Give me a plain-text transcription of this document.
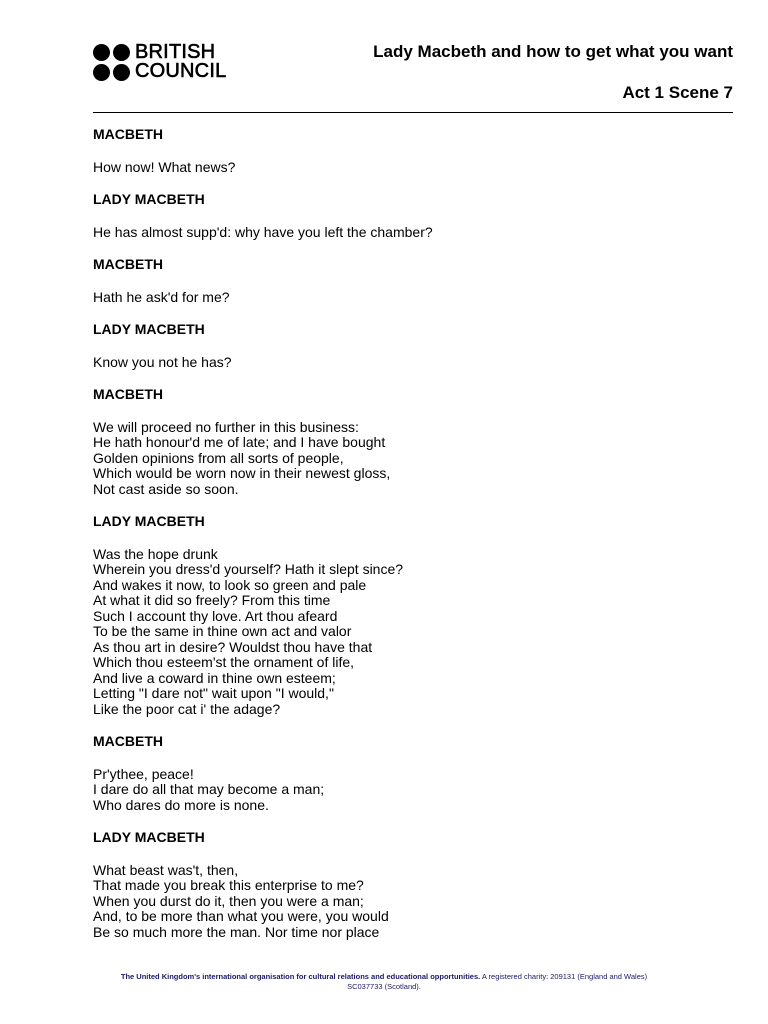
BRITISH
COUNCIL
Lady Macbeth and how to get what you want
Act 1 Scene 7
MACBETH
How now! What news?
LADY MACBETH
He has almost supp'd: why have you left the chamber?
MACBETH
Hath he ask'd for me?
LADY MACBETH
Know you not he has?
MACBETH
We will proceed no further in this business:
He hath honour'd me of late; and I have bought
Golden opinions from all sorts of people,
Which would be worn now in their newest gloss,
Not cast aside so soon.
LADY MACBETH
Was the hope drunk
Wherein you dress'd yourself? Hath it slept since?
And wakes it now, to look so green and pale
At what it did so freely? From this time
Such I account thy love. Art thou afeard
To be the same in thine own act and valor
As thou art in desire? Wouldst thou have that
Which thou esteem'st the ornament of life,
And live a coward in thine own esteem;
Letting "I dare not" wait upon "I would,"
Like the poor cat i' the adage?
MACBETH
Pr'ythee, peace!
I dare do all that may become a man;
Who dares do more is none.
LADY MACBETH
What beast was't, then,
That made you break this enterprise to me?
When you durst do it, then you were a man;
And, to be more than what you were, you would
Be so much more the man. Nor time nor place
The United Kingdom's international organisation for cultural relations and educational opportunities. A registered charity: 209131 (England and Wales)
SC037733 (Scotland).
